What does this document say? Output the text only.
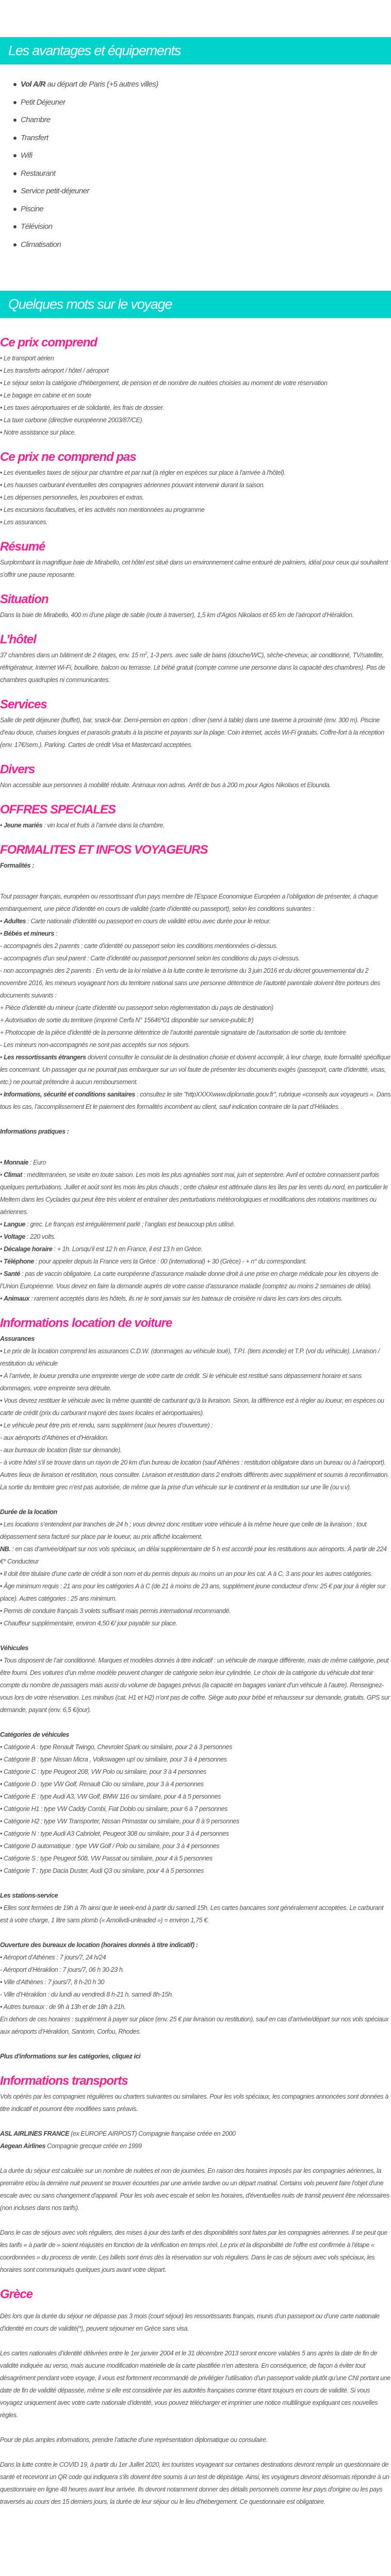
Les avantages et équipements
Vol A/R au départ de Paris (+5 autres villes)
Petit Déjeuner
Chambre
Transfert
Wifi
Restaurant
Service petit-déjeuner
Piscine
Télévision
Climatisation
Quelques mots sur le voyage
Ce prix comprend

• Le transport aérien

• Les transferts aéroport / hôtel / aéroport

• Le séjour selon la catégorie d’hébergement, de pension et de nombre de nuitées choisies au moment de votre réservation

• Le bagage en cabine et en soute

• Les taxes aéroportuaires et de solidarité, les frais de dossier.

• La taxe carbone (directive européenne 2003/87/CE).

• Notre assistance sur place.

Ce prix ne comprend pas

• Les éventuelles taxes de séjour par chambre et par nuit (à régler en espèces sur place à l'arrivée à l'hôtel).

• Les hausses carburant éventuelles des compagnies aériennes pouvant intervenir durant la saison.

• Les dépenses personnelles, les pourboires et extras.

• Les excursions facultatives, et les activités non mentionnées au programme

• Les assurances.

Résumé

Surplombant la magnifique baie de Mirabello, cet hôtel est situé dans un environnement calme entouré de palmiers, idéal pour ceux qui souhaitent s'offrir une pause reposante.

Situation

Dans la baie de Mirabello, 400 m d’une plage de sable (route à traverser), 1,5 km d’Agios Nikolaos et 65 km de l’aéroport d’Héraklion.

L’hôtel

37 chambres dans un bâtiment de 2 étages, env. 15 $m^2$, 1-3 pers. avec salle de bains (douche/WC), sèche-cheveux, air conditionné, TV/satellite, réfrigérateur, Internet Wi-Fi, bouilloire, balcon ou terrasse. Lit bébé gratuit (compte comme une personne dans la capacité des chambres). Pas de chambres quadruples ni communicantes.

Services

Salle de petit déjeuner (buffet), bar, snack-bar. Demi-pension en option : dîner (servi à table) dans une taverne à proximité (env. 300 m). Piscine d’eau douce, chaises longues et parasols gratuits à la piscine et payants sur la plage. Coin internet, accès Wi-Fi gratuits. Coffre-fort à la réception (env. 17€/sem.). Parking. Cartes de crédit Visa et Mastercard acceptées.

Divers

Non accessible aux personnes à mobilité réduite. Animaux non admis. Arrêt de bus à 200 m pour Agios Nikolaos et Elounda.

OFFRES SPECIALES

• Jeune mariés : vin local et fruits à l’arrivée dans la chambre.

FORMALITES ET INFOS VOYAGEURS

Formalités :

Tout passager français, européen ou ressortissant d’un pays membre de l’Espace Economique Européen a l’obligation de présenter, à chaque embarquement, une pièce d’identité en cours de validité (carte d’identité ou passeport), selon les conditions suivantes :

• Adultes : Carte nationale d’identité ou passeport en cours de validité et/ou avec durée pour le retour.

• Bébés et mineurs :

- accompagnés des 2 parents : carte d’identité ou passeport selon les conditions mentionnées ci-dessus.

- accompagnés d’un seul parent : Carte d’identité ou passeport personnel selon les conditions du pays ci-dessus.

- non accompagnés des 2 parents : En vertu de la loi relative à la lutte contre le terrorisme du 3 juin 2016 et du décret gouvernemental du 2 novembre 2016, les mineurs voyageant hors du territoire national sans une personne détentrice de l’autorité parentale doivent être porteurs des documents suivants :

+ Pièce d’identité du mineur (carte d’identité ou passeport selon règlementation du pays de destination)

+ Autorisation de sortie du territoire (imprimé Cerfa N° 15646*01 disponible sur service-public.fr)

+ Photocopie de la pièce d’identité de la personne détentrice de l’autorité parentale signataire de l’autorisation de sortie du territoire

- Les mineurs non-accompagnés ne sont pas acceptés sur nos séjours.

• Les ressortissants étrangers doivent consulter le consulat de la destination choisie et doivent accomplir, à leur charge, toute formalité spécifique les concernant. Un passager qui ne pourrait pas embarquer sur un vol faute de présenter les documents exigés (passeport, carte d’identité, visas, etc.) ne pourrait prétendre à aucun remboursement.

• Informations, sécurité et conditions sanitaires : consultez le site "httpXXXXwww.diplomatie.gouv.fr", rubrique «conseils aux voyageurs ». Dans tous les cas, l’accomplissement Et le paiement des formalités incombent au client, sauf indication contraire de la part d’Héliades. .

Informations pratiques :

• Monnaie : Euro

• Climat : méditerranéen, se visite en toute saison. Les mois les plus agréables sont mai, juin et septembre. Avril et octobre connaissent parfois quelques perturbations. Juillet et août sont les mois les plus chauds ; cette chaleur est atténuée dans les îles par les vents du nord, en particulier le Meltem dans les Cyclades qui peut être très violent et entraîner des perturbations météorologiques et modifications des rotations maritimes ou aériennes.

• Langue : grec. Le français est irrégulièrement parlé ; l’anglais est beaucoup plus utilisé.

• Voltage : 220 volts.

• Décalage horaire : + 1h. Lorsqu’il est 12 h en France, il est 13 h en Grèce.

• Téléphone : pour appeler depuis la France vers la Grèce : 00 (international) + 30 (Grèce) - + n° du correspondant.

• Santé : pas de vaccin obligatoire. La carte européenne d’assurance maladie donne droit à une prise en charge médicale pour les citoyens de l’Union Européenne. Vous devez en faire la demande auprès de votre caisse d’assurance maladie (comptez au moins 2 semaines de délai).

• Animaux : rarement acceptés dans les hôtels, ils ne le sont jamais sur les bateaux de croisière ni dans les cars lors des circuits.

Informations location de voiture

Assurances

• Le prix de la location comprend les assurances C.D.W. (dommages au véhicule loué), T.P.I. (tiers incendie) et T.P. (vol du véhicule). Livraison / restitution du véhicule

• À l’arrivée, le loueur prendra une empreinte vierge de votre carte de crédit. Si le véhicule est restitué sans dépassement horaire et sans dommages, votre empreinte sera détruite.

• Vous devrez restituer le véhicule avec la même quantité de carburant qu’à la livraison. Sinon, la différence est à régler au loueur, en espèces ou carte de crédit (prix du carburant majoré des taxes locales et aéroportuaires).

• Le véhicule peut être pris et rendu, sans supplément (aux heures d’ouverture) :

- aux aéroports d’Athènes et d’Héraklion.

- aux bureaux de location (liste sur demande).

- à votre hôtel s’il se trouve dans un rayon de 20 km d’un bureau de location (sauf Athènes : restitution obligatoire dans un bureau ou à l’aéroport).

Autres lieux de livraison et restitution, nous consulter. Livraison et restitution dans 2 endroits différents avec supplément et soumis à reconfirmation. La sortie du territoire grec n’est pas autorisée, de même que la prise d’un véhicule sur le continent et la restitution sur une île (ou v.v).

Durée de la location

• Les locations s’entendent par tranches de 24 h ; vous devrez donc restituer votre véhicule à la même heure que celle de la livraison ; tout dépassement sera facturé sur place par le loueur, au prix affiché localement.

NB. : en cas d’arrivée/départ sur nos vols spéciaux, un délai supplémentaire de 5 h est accordé pour les restitutions aux aéroports. À partir de 224 €* Conducteur

• Il doit être titulaire d’une carte de crédit à son nom et du permis depuis au moins un an pour les cat. A à C, 3 ans pour les autres catégories.

• Âge minimum requis : 21 ans pour les catégories A à C (de 21 à moins de 23 ans, supplément jeune conducteur d’env. 25 € par jour à régler sur place). Autres catégories : 25 ans minimum.

• Permis de conduire français 3 volets suffisant mais permis international recommandé.

• Chauffeur supplémentaire, environ 4,50 €/ jour payable sur place.

Véhicules

• Tous disposent de l’air conditionné. Marques et modèles donnés à titre indicatif : un véhicule de marque différente, mais de même catégorie, peut être fourni. Des voitures d’un même modèle peuvent changer de catégorie selon leur cylindrée. Le choix de la catégorie du véhicule doit tenir compte du nombre de passagers mais aussi du volume de bagages prévus (la capacité en bagages variant d’un véhicule à l’autre). Renseignez- vous lors de votre réservation. Les minibus (cat. H1 et H2) n’ont pas de coffre. Siège auto pour bébé et rehausseur sur demande, gratuits. GPS sur demande, payant (env. 6,5 €/jour).

Catégories de véhicules

• Catégorie A : type Renault Twingo, Chevrolet Spark ou similaire, pour 2 à 3 personnes

• Catégorie B : type Nissan Micra , Volkswagen up! ou similaire, pour 3 à 4 personnes

• Catégorie C : type Peugeot 208, VW Polo ou similaire, pour 3 à 4 personnes

• Catégorie D : type VW Golf, Renault Clio ou similaire, pour 3 à 4 personnes

• Catégorie E : type Audi A3, VW Golf, BMW 116 ou similaire, pour 4 à 5 personnes

• Catégorie H1 : type VW Caddy Combi, Fiat Doblo ou similaire, pour 6 à 7 personnes

• Catégorie H2 : type VW Transporter, Nissan Primastar ou similaire, pour 8 à 9 personnes

• Catégorie N : type Audi A3 Cabriolet, Peugeot 308 ou similaire, pour 3 à 4 personnes

• Catégorie D automatique : type VW Golf / Polo ou similaire, pour 3 à 4 personnes

• Catégorie S : type Peugeot 508, VW Passat ou similaire, pour 4 à 5 personnes

• Catégorie T : type Dacia Duster, Audi Q3 ou similaire, pour 4 à 5 personnes

Les stations-service

• Elles sont fermées de 19h à 7h ainsi que le week-end à partir du samedi 15h. Les cartes bancaires sont généralement acceptées. Le carburant est à votre charge, 1 litre sans plomb (« Amolivdi-unleaded ») = environ 1,75 €.

Ouverture des bureaux de location (horaires donnés à titre indicatif) :

• Aéroport d’Athènes : 7 jours/7, 24 h/24

- Aéroport d’Héraklion : 7 jours/7, 06 h 30-23 h.

• Ville d’Athènes : 7 jours/7, 8 h-20 h 30

- Ville d’Héraklion : du lundi au vendredi 8 h-21 h, samedi 8h-15h.

• Autres bureaux : de 9h à 13h et de 18h à 21h.

En dehors de ces horaires : supplément à payer sur place (env. 25 € par livraison ou restitution), sauf en cas d’arrivée/départ sur nos vols spéciaux aux aéroports d’Héraklion, Santorin, Corfou, Rhodes.

Plus d'informations sur les catégories, cliquez ici

Informations transports

Vols opérés par les compagnies régulières ou charters suivantes ou similaires. Pour les vols spéciaux, les compagnies annoncées sont données à titre indicatif et pourront être modifiées sans préavis.

ASL AIRLINES FRANCE (ex EUROPE AIRPOST) Compagnie française créée en 2000

Aegean Airlines Compagnie grecque créée en 1999

La durée du séjour est calculée sur un nombre de nuitées et non de journées. En raison des horaires imposés par les compagnies aériennes, la première et/ou la dernière nuit peuvent se trouver écourtées par une arrivée tardive ou un départ matinal. Certains vols peuvent faire l'objet d'une escale avec ou sans changement d'appareil. Pour les vols avec escale et selon les horaires, d'éventuelles nuits de transit peuvent être nécessaires (non incluses dans nos tarifs).

Dans le cas de séjours avec vols réguliers, des mises à jour des tarifs et des disponibilités sont faites par les compagnies aériennes. Il se peut que les tarifs « à partir de » soient réajustés en fonction de la vérification en temps réel. Le prix et la disponibilité de l’offre est confirmée à l’étape « coordonnées » du process de vente. Les billets sont émis dès la réservation sur vols réguliers. Dans le cas de séjours avec vols spéciaux, les horaires sont communiqués quelques jours avant votre départ.

Grèce

Dès lors que la durée du séjour ne dépasse pas 3 mois (court séjour) les ressortissants français, munis d’un passeport ou d’une carte nationale d’identité en cours de validité(*), peuvent séjourner en Grèce sans visa.

Les cartes nationales d’identité délivrées entre le 1er janvier 2004 et le 31 décembre 2013 seront encore valables 5 ans après la date de fin de validité indiquée au verso, mais aucune modification matérielle de la carte plastifiée n’en attestera. En conséquence, de façon à éviter tout désagrément pendant votre voyage, il vous est fortement recommandé de privilégier l’utilisation d’un passeport valide plutôt qu’une CNI portant une date de fin de validité dépassée, même si elle est considérée par les autorités françaises comme étant toujours en cours de validité. Si vous voyagez uniquement avec votre carte nationale d’identité, vous pouvez télécharger et imprimer une notice multilingue expliquant ces nouvelles règles.

Pour de plus amples informations, prendre l’attache d’une représentation diplomatique ou consulaire.

Dans la lutte contre le COVID 19, à partir du 1er Juillet 2020, les touristes voyageant sur certaines destinations devront remplir un questionnaire de santé et recevront un QR code qui indiquera s'ils doivent être soumis à un test de dépistage. Ainsi, les voyageurs devront désormais répondre à un questionnaire en ligne 48 heures avant leur arrivée. Ils devront notamment donner des détails personnels comme leur pays d'origine ou les pays traversés au cours des 15 derniers jours, la durée de leur séjour ou le lieu d'hébergement. Ce questionnaire est obligatoire.
